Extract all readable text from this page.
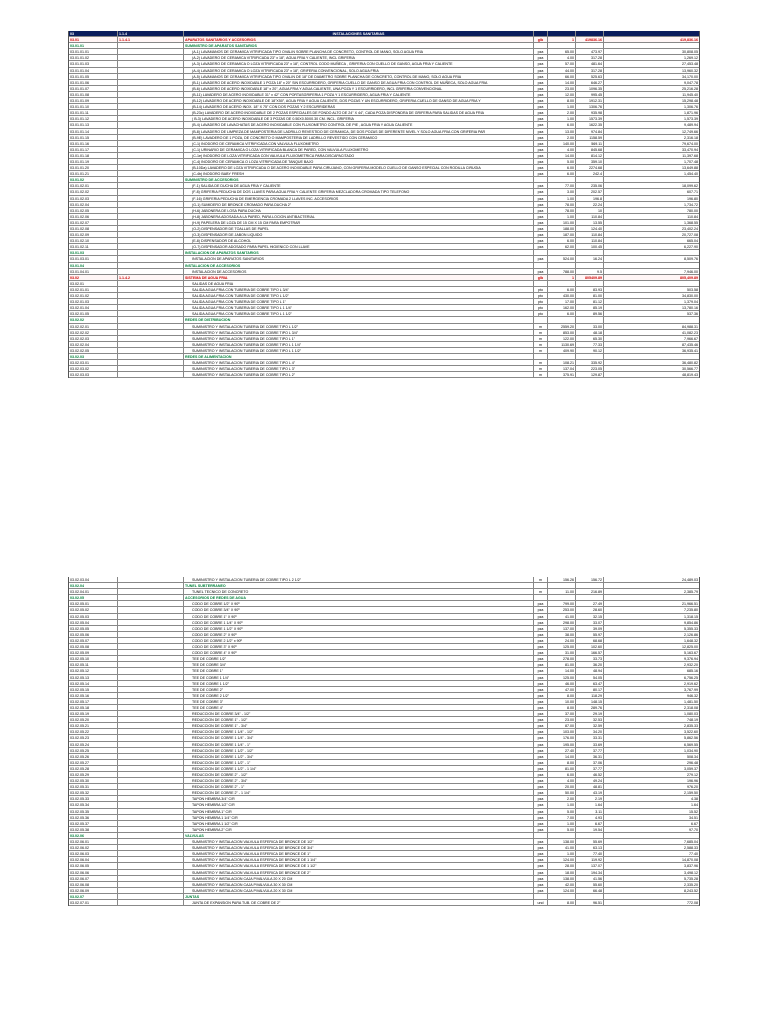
03	1.1.4	INSTALACIONES SANITARIAS
03.01	1.1.4.1	APARATOS SANITARIOS Y ACCESORIOS	glb	1	419836.16	419,836.16
03.01.01	SUMINISTRO DE APARATOS SANITARIOS
03.01.01.01	(A-1) LAVAMANOS DE CERAMICA VITRIFICADA TIPO OVALIN SOBRE PLANCHA DE CONCRETO, CONTROL DE MANO, SOLO AGUA FRIA	pza	65.00	473.97	30,808.05
03.01.01.02	(A-2) LAVADERO DE CERAMICA VITRIFICADA 23" x 18", AGUA FRIA Y CALIENTE, INCL GRIFERIA	pza	4.00	317.28	1,269.12
03.01.01.03	(A-3) LAVADERO DE CERAMICA O LOZA VITRIFICADA 23" x 18", CONTROL CODO MUÑECA , GRIFERIA CON CUELLO DE GANSO, AGUA FRIA Y CALIENTE	pza	57.00	481.64	27,453.48
03.01.01.04	(A-4) LAVADERO DE CERAMICA O LOZA VITRIFICADA 23" x 18", GRIFERIA CONVENCIONAL, SOLO AGUA FRIA	pza	44.00	317.28	13,960.32
03.01.01.05	(A-5) LAVAMANOS DE CERAMICA VITRIFICADA TIPO OVALIN DE 18" DE DIAMETRO SOBRE PLANCHA DE CONCRETO, CONTROL DE MANO, SOLO AGUA FRIA	pza	66.00	525.63	34,170.00
03.01.01.06	(B-1) LAVADERO DE ACERO INOXIDABLE 1 POZA 18" x 20" SIN ESCURRIDERO, GRIFERIA CUELLO DE GANSO DE AGUA FRIA CON CONTROL DE MUÑECA, SOLO AGUA FRIA	pza	14.00	646.27	9,047.78
03.01.01.07	(B-6) LAVADERO DE ACERO INOXIDABLE 18" x 20", AGUA FRIA Y AGUA CALIENTE, UNA POZA Y 1 ESCURRIDERO, INCL GRIFERIA CONVENCIONAL	pza	23.00	1096.35	25,216.28
03.01.01.08	(B-11) LAVADERO DE ACERO INOXIDABLE 31" x 42" CON PORTASGRIFERIA 1 POZA Y 1 ESCURRIDERO, AGUA FRIA Y CALIENTE	pza	12.00	995.45	11,945.40
03.01.01.09	(B-12) LAVADERO DE ACERO INOXIDABLE DE 18"X50", AGUA FRIA Y AGUA CALIENTE, DOS POZAS Y UN ESCURRIDERO, GRIFERIA CUELLO DE GANSO DE AGUA FRIA Y	pza	8.00	1912.31	15,298.48
03.01.01.10	(B-14) LAVADERO DE ACERO INOX. 18" X 75" CON DOS POZAS Y 2 ESCURRIDERAS	pza	1.00	1306.76	1,306.76
03.01.01.11	(B-23c) LAVADERO DE ACERO INOXIDABLE DE 2 POZAS ESPECIALES DE FONDO ALTO DE 24" X 44", CADA POZA DISPONDRA DE GRIFERIA PARA SALIDAS DE AGUA FRIA	pza	2.00	935.98	1,871.96
03.01.01.12	( B-3) LAVADERO DE ACERO INOXIDABLE DE 3 POZAS DE 0.50X0.50X0.30 CM. INCL. GRIFERIA	pza	1.00	1573.39	1,573.39
03.01.01.13	(B-4) LAVADERO DE LAVACHATAS DE ACERO INOXIDABLE CON FLUXOMETRO CONTROL DE PIE , AGUA FRIA Y AGUA CALIENTE	pza	6.00	1622.35	9,489.94
03.01.01.14	(B-8) LAVADERO DE LIMPIEZA DE MAMPOSTERIA DE LADRILLO REVESTIDO DE CERAMICA, DE DOS POZAS DE DIFERENTE NIVEL Y SOLO AGUA FRIA CON GRIFERIA PAR	pza	13.00	974.84	12,749.66
03.01.01.15	(B-9E) LAVADERO DE 1 POZA, DE CONCRETO O MAMPOSTERIA DE LADRILLO REVESTIDO CON CERAMICO	pza	2.00	1158.59	2,316.18
03.01.01.16	(C-1) INODORO DE CERAMICA VITRIFICADA CON VALVULA FLUXOMETRO	pza	140.00	569.11	79,674.00
03.01.01.17	(C-1) URINARIO DE CERAMICA O LOZA VITRIFICADA BLANCA DE PARED, CON VALVULA FLUXOMETRO	pza	4.00	845.68	33,470.94
03.01.01.18	(C-1e) INODORO DE LOZA VITRIFICADA CON VALVULA FLUXOMETRICA PARA DISCAPACITADO	pza	14.00	814.12	11,397.68
03.01.01.19	(C-4) INODORO DE CERAMICA O LOZA VITRIFICADA DE TANQUE BAJO	pza	5.00	359.10	1,707.48
03.01.01.20	(B-10Da) LAVADERO DE LOZA VITRIFICADA O DE ACERO INOXIDABLE PARA CIRUJANO, CON GRIFERIA MODELO CUELLO DE GANSO ESPECIAL CON RODILLA CIRUGIA	pza	6.00	2274.68	13,649.88
03.01.01.21	(C-4b) INODORO BABY FRESH	pza	6.00	242.4	1,454.40
03.01.02	SUMINISTRO DE ACCESORIOS
03.01.02.01	(F-1) SALIDA DE DUCHA DE AGUA FRIA Y CALIENTE	pza	77.00	235.06	18,099.62
03.01.02.02	(F-8) GRIFERIA PEDUCHA DE DOS LLAVES PARA AGUA FRIA Y CALIENTE GRIFERIA MEZCLADORA CROMADA TIPO TELEFONO	pza	3.00	202.57	607.71
03.01.02.03	(F-16) GRIFERIA PEDUCHA DE EMERGENCIA CROMADA 2 LLAVES INC. ACCESORIOS	pza	1.00	196.8	196.80
03.01.02.04	(G-1) SUMIDERO DE BRONCE CROMADO PARA DUCHA 2"	pza	78.00	22.24	1,734.72
03.01.02.05	(H-6) JABONERA DE LOSA PARA DUCHA	pza	78.00	10	780.00
03.01.02.06	(H-8) JABONERA ADOSADA A LA PARED, PARA LOCION ANTIBACTERIAL	pza	1.00	110.84	110.84
03.01.02.07	(H-9) PAPELERA DE LOZA DE 15 CM X 15 CM PARA EMPOTRAR	pza	101.00	13.55	1,368.55
03.01.02.08	(O-2) DISPENSADOR DE TOALLAS DE PAPEL	pza	188.00	124.40	23,402.24
03.01.02.09	(O-3) DISPENSADOR DE JABON LIQUIDO	pza	187.00	110.84	20,727.08
03.01.02.10	(E-8) DISPENSADOR DE ALCOHOL	pza	6.00	110.84	665.04
03.01.02.11	(O-7) DISPENSADOR ADOSADO PARA PAPEL HIGIENICO CON LLAVE	pza	62.00	100.45	6,227.90
03.01.03	INSTALACION DE APARATOS SANITARIOS
03.01.03.01	INSTALACION DE APARATOS SANITARIOS	pza	524.00	16.24	8,509.76
03.01.04	INSTALACION DE ACCESORIOS
03.01.04.01	INSTALACION DE ACCESORIOS	pza	788.00	9.5	7,946.00
03.02	1.1.4.2	SISTEMA DE AGUA FRIA	glb	1	805409.89	805,409.89
03.02.01	SALIDAS DE AGUA FRIA
03.02.01.01	SALIDA AGUA FRIA CON TUBERIA DE COBRE TIPO L 3/4"	pto	6.00	83.93	503.58
03.02.01.02	SALIDA AGUA FRIA CON TUBERIA DE COBRE TIPO L 1/2"	pto	430.00	81.00	34,830.00
03.02.01.03	SALIDA AGUA FRIA CON TUBERIA DE COBRE TIPO L 1"	pto	17.00	81.12	1,379.04
03.02.01.04	SALIDA AGUA FRIA CON TUBERIA DE COBRE TIPO L 1 1/4"	pto	162.00	85.19	13,780.16
03.02.01.05	SALIDA AGUA FRIA CON TUBERIA DE COBRE TIPO L 1 1/2"	pto	6.00	89.56	537.36
03.02.02	REDES DE DISTRIBUCION
03.02.02.01	SUMINISTRO Y INSTALACION TUBERIA DE COBRE TIPO L 1/2"	m	2559.20	33.00	84,988.31
03.02.02.02	SUMINISTRO Y INSTALACION TUBERIA DE COBRE TIPO L 3/4"	m	853.00	48.18	41,082.23
03.02.02.03	SUMINISTRO Y INSTALACION TUBERIA DE COBRE TIPO L 1"	m	122.00	65.30	7,966.67
03.02.02.04	SUMINISTRO Y INSTALACION TUBERIA DE COBRE TIPO L 1 1/4"	m	1130.69	77.33	87,435.46
03.02.02.05	SUMINISTRO Y INSTALACION TUBERIA DE COBRE TIPO L 1 1/2"	m	409.90	90.12	36,935.41
03.02.03	REDES DE ALIMENTACION
03.02.03.01	SUMINISTRO Y INSTALACION TUBERIA DE COBRE TIPO L 4"	m	108.21	335.92	36,480.82
03.02.03.02	SUMINISTRO Y INSTALACION TUBERIA DE COBRE TIPO L 3"	m	137.04	223.05	30,566.77
03.02.03.03	SUMINISTRO Y INSTALACION TUBERIA DE COBRE TIPO L 2"	m	375.91	129.87	48,819.43
03.02.03.04	SUMINISTRO Y INSTALACION TUBERIA DE COBRE TIPO L 2 1/2"	m	156.26	156.72	24,489.03
03.02.04	TUNEL SUBTERRANEO
03.02.04.01	TUNEL TECNICO DE CONCRETO	m	11.00	216.89	2,385.79
03.02.05	ACCESORIOS DE REDES DE AGUA
03.02.05.01	CODO DE COBRE 1/2" X 90º	pza	799.00	27.49	21,966.51
03.02.05.02	CODO DE COBRE 3/4" X 90º	pza	253.00	28.60	7,235.80
03.02.05.03	CODO DE COBRE 1" X 90º	pza	41.00	32.15	1,318.15
03.02.05.04	CODO DE COBRE 1 1/4" X 90º	pza	298.00	33.07	9,854.86
03.02.05.05	CODO DE COBRE 1 1/2" X 90º	pza	137.00	39.09	5,355.33
03.02.05.06	CODO DE COBRE 2" X 90º	pza	38.00	55.97	2,126.86
03.02.05.07	CODO DE COBRE 2 1/2" x 90º	pza	24.00	68.68	1,648.32
03.02.05.08	CODO DE COBRE 3" X 90º	pza	125.00	102.60	12,825.00
03.02.05.09	CODO DE COBRE 4" X 90º	pza	31.00	166.57	5,163.67
03.02.05.10	TEE DE COBRE 1/2"	pza	278.00	33.73	9,376.94
03.02.05.11	TEE DE COBRE 3/4"	pza	81.00	36.20	2,932.20
03.02.05.12	TEE DE COBRE 1"	pza	14.00	48.94	685.16
03.02.05.13	TEE DE COBRE 1 1/4"	pza	125.00	54.05	6,756.25
03.02.05.14	TEE DE COBRE 1 1/2"	pza	46.00	63.47	2,919.62
03.02.05.15	TEE DE COBRE 2"	pza	47.00	80.17	3,767.99
03.02.05.16	TEE DE COBRE 2 1/2"	pza	8.00	118.29	946.32
03.02.05.17	TEE DE COBRE 3"	pza	10.00	148.15	1,481.50
03.02.05.18	TEE DE COBRE 4"	pza	8.00	289.76	2,318.08
03.02.05.19	REDUCCION DE COBRE 3/4" - 1/2"	pza	37.00	29.19	1,080.03
03.02.05.20	REDUCCION DE COBRE 1" - 1/2"	pza	23.00	32.53	748.19
03.02.05.21	REDUCCION DE COBRE 1" - 3/4"	pza	87.00	32.59	2,835.33
03.02.05.22	REDUCCION DE COBRE 1 1/4" - 1/2"	pza	103.00	34.20	3,522.60
03.02.05.23	REDUCCION DE COBRE 1 1/4" - 3/4"	pza	176.00	33.31	5,862.56
03.02.05.24	REDUCCION DE COBRE 1 1/4" - 1"	pza	195.00	33.69	6,569.55
03.02.05.25	REDUCCION DE COBRE 1 1/2" - 1/2"	pza	27.40	37.77	1,034.90
03.02.05.26	REDUCCION DE COBRE 1 1/2" - 3/4"	pza	14.00	36.31	508.34
03.02.05.27	REDUCCION DE COBRE 1 1/2" - 1"	pza	8.00	37.06	296.48
03.02.05.28	REDUCCION DE COBRE 1 1/2" - 1 1/4"	pza	81.00	37.77	3,059.37
03.02.05.29	REDUCCION DE COBRE 2" - 1/2"	pza	6.00	46.52	279.12
03.02.05.30	REDUCCION DE COBRE 2" - 3/4"	pza	4.00	49.24	196.96
03.02.05.31	REDUCCION DE COBRE 2" - 1"	pza	20.00	48.81	976.20
03.02.05.32	REDUCCION DE COBRE 2" - 1 1/4"	pza	50.00	43.19	2,159.50
03.02.05.33	TAPON HEMBRA 3/4" C/R	pza	2.00	2.19	4.38
03.02.05.34	TAPON HEMBRA 1/2" C/R	pza	1.00	1.64	1.64
03.02.05.35	TAPON HEMBRA 1" C/R	pza	5.00	3.11	15.52
03.02.05.36	TAPON HEMBRA 1 1/4" C/R	pza	7.00	4.93	34.51
03.02.05.37	TAPON HEMBRA 1 1/2" C/R	pza	1.00	6.67	6.67
03.02.05.38	TAPON HEMBRA 2" C/R	pza	5.00	19.54	97.70
03.02.06	VALVULAS
03.02.06.01	SUMINISTRO Y INSTALACION VALVULA ESFERICA DE BRONCE DE 1/2"	pza	138.00	55.69	7,685.04
03.02.06.02	SUMINISTRO Y INSTALACION VALVULA ESFERICA DE BRONCE DE 3/4"	pza	41.00	63.13	2,588.33
03.02.06.03	SUMINISTRO Y INSTALACION VALVULA ESFERICA DE BRONCE DE 1"	pza	1.00	77.40	77.40
03.02.06.04	SUMINISTRO Y INSTALACION VALVULA ESFERICA DE BRONCE DE 1 1/4"	pza	124.00	119.92	14,870.08
03.02.06.05	SUMINISTRO Y INSTALACION VALVULA ESFERICA DE BRONCE DE 1 1/2"	pza	28.00	137.07	3,837.96
03.02.06.06	SUMINISTRO Y INSTALACION VALVULA ESFERICA DE BRONCE DE 2"	pza	18.00	194.34	3,498.12
03.02.06.07	SUMINISTRO Y INSTALACION CAJA P/VALVULA 20 X 20 CM	pza	138.00	41.56	5,735.28
03.02.06.08	SUMINISTRO Y INSTALACION CAJA P/VALVULA 30 X 30 CM	pza	42.00	55.60	2,335.20
03.02.06.09	SUMINISTRO Y INSTALACION CAJA P/VALVULA 20 X 30 CM	pza	124.00	66.48	8,243.52
03.02.07	JUNTAS
03.02.07.01	JUNTA DE EXPANSION PARA TUB. DE COBRE DE 2"	und	8.00	96.51	772.08
